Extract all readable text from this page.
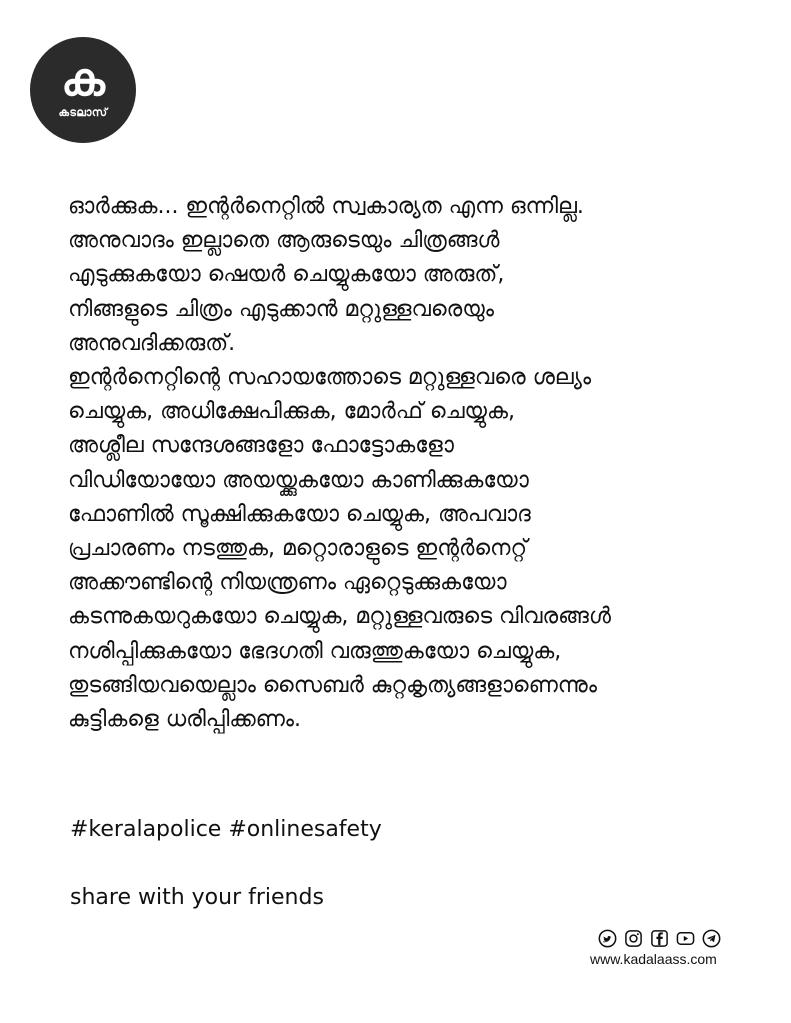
ക
കടലാസ്

ഓർക്കുക... ഇന്റർനെറ്റിൽ സ്വകാര്യത എന്ന ഒന്നില്ല.

അനുവാദം ഇല്ലാതെ ആരുടെയും ചിത്രങ്ങൾ

എടുക്കുകയോ ഷെയർ ചെയ്യുകയോ അരുത്,

നിങ്ങളുടെ ചിത്രം എടുക്കാൻ മറ്റുള്ളവരെയും

അനുവദിക്കരുത്.

ഇന്റർനെറ്റിന്റെ സഹായത്തോടെ മറ്റുള്ളവരെ ശല്യം

ചെയ്യുക, അധിക്ഷേപിക്കുക, മോർഫ് ചെയ്യുക,

അശ്ലീല സന്ദേശങ്ങളോ ഫോട്ടോകളോ

വിഡിയോയോ അയയ്ക്കുകയോ കാണിക്കുകയോ

ഫോണിൽ സൂക്ഷിക്കുകയോ ചെയ്യുക, അപവാദ

പ്രചാരണം നടത്തുക, മറ്റൊരാളുടെ ഇന്റർനെറ്റ്

അക്കൗണ്ടിന്റെ നിയന്ത്രണം ഏറ്റെടുക്കുകയോ

കടന്നുകയറുകയോ ചെയ്യുക, മറ്റുള്ളവരുടെ വിവരങ്ങൾ

നശിപ്പിക്കുകയോ ഭേദഗതി വരുത്തുകയോ ചെയ്യുക,

തുടങ്ങിയവയെല്ലാം സൈബർ കുറ്റകൃത്യങ്ങളാണെന്നും

കുട്ടികളെ ധരിപ്പിക്കണം.

#keralapolice #onlinesafety
share with your friends
www.kadalaass.com
